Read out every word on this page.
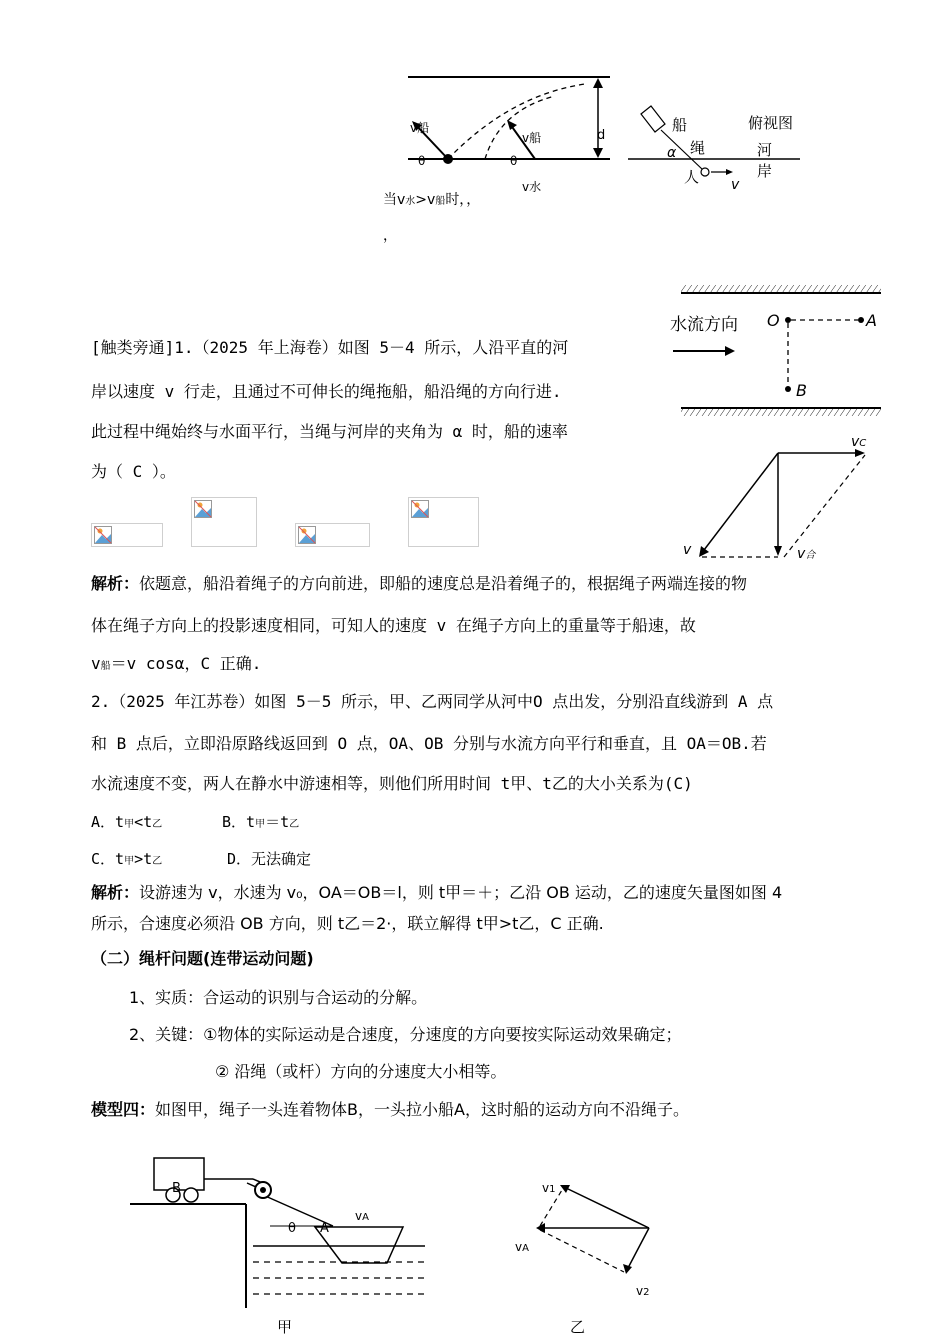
v船
θ
v船
θ
d
v水
船
绳
α
人 v
俯视图
河
岸
当v水>v船时，，
，
水流方向 O	A
B
vC
v	v合
[触类旁通]1.（2025 年上海卷）如图 5－4 所示，人沿平直的河
岸以速度 v 行走，且通过不可伸长的绳拖船，船沿绳的方向行进.
此过程中绳始终与水面平行，当绳与河岸的夹角为 α 时，船的速率
为（ C ）。
解析：依题意，船沿着绳子的方向前进，即船的速度总是沿着绳子的，根据绳子两端连接的物
体在绳子方向上的投影速度相同，可知人的速度 v 在绳子方向上的重量等于船速，故
v船＝v cosα，C 正确.
2.（2025 年江苏卷）如图 5－5 所示，甲、乙两同学从河中O 点出发，分别沿直线游到 A 点
和 B 点后，立即沿原路线返回到 O 点，OA、OB 分别与水流方向平行和垂直，且 OA＝OB.若
水流速度不变，两人在静水中游速相等，则他们所用时间 t甲、t乙的大小关系为(C)
A．t甲<t乙	B．t甲＝t乙
C．t甲>t乙	D．无法确定
解析：设游速为 v，水速为 v₀，OA＝OB＝l，则 t甲＝＋；乙沿 OB 运动，乙的速度矢量图如图 4
所示，合速度必须沿 OB 方向，则 t乙＝2·，联立解得 t甲>t乙，C 正确.
（二）绳杆问题(连带运动问题)
1、实质：合运动的识别与合运动的分解。
2、关键：①物体的实际运动是合速度，分速度的方向要按实际运动效果确定；
② 沿绳（或杆）方向的分速度大小相等。
模型四：如图甲，绳子一头连着物体B，一头拉小船A，这时船的运动方向不沿绳子。
B
θ A
vA
甲
v1
vA
v2
乙
